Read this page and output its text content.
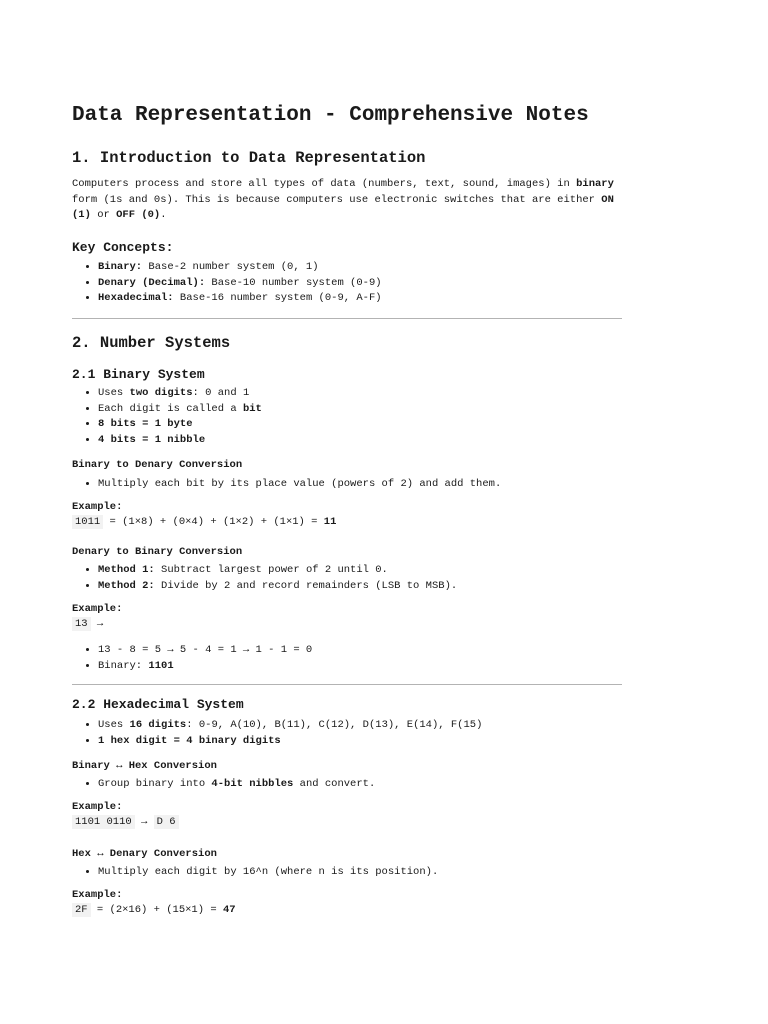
Data Representation - Comprehensive Notes
1. Introduction to Data Representation
Computers process and store all types of data (numbers, text, sound, images) in binary form (1s and 0s). This is because computers use electronic switches that are either ON (1) or OFF (0).
Key Concepts:
• Binary: Base-2 number system (0, 1)
• Denary (Decimal): Base-10 number system (0-9)
• Hexadecimal: Base-16 number system (0-9, A-F)
2. Number Systems
2.1 Binary System
• Uses two digits: 0 and 1
• Each digit is called a bit
• 8 bits = 1 byte
• 4 bits = 1 nibble
Binary to Denary Conversion
• Multiply each bit by its place value (powers of 2) and add them.
Example:
1011 = (1×8) + (0×4) + (1×2) + (1×1) = 11
Denary to Binary Conversion
• Method 1: Subtract largest power of 2 until 0.
• Method 2: Divide by 2 and record remainders (LSB to MSB).
Example:
13 →
• 13 - 8 = 5 → 5 - 4 = 1 → 1 - 1 = 0
• Binary: 1101
2.2 Hexadecimal System
• Uses 16 digits: 0-9, A(10), B(11), C(12), D(13), E(14), F(15)
• 1 hex digit = 4 binary digits
Binary ↔ Hex Conversion
• Group binary into 4-bit nibbles and convert.
Example:
1101 0110 → D 6
Hex ↔ Denary Conversion
• Multiply each digit by 16^n (where n is its position).
Example:
2F = (2×16) + (15×1) = 47
